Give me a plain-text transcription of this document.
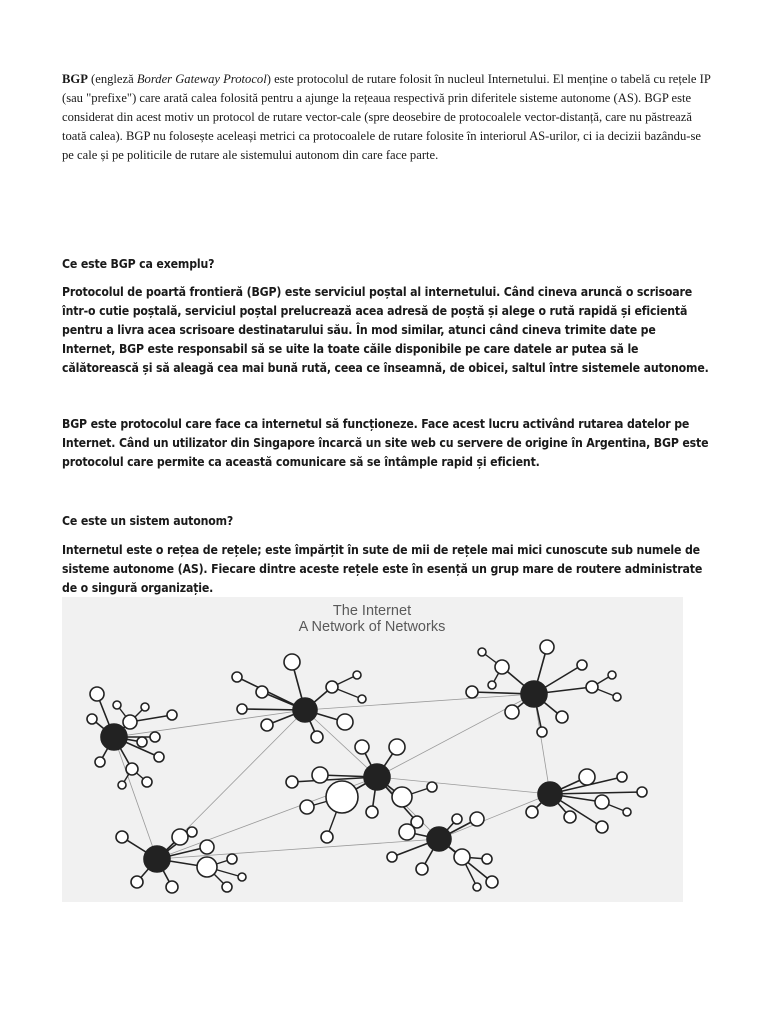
BGP (engleză Border Gateway Protocol) este protocolul de rutare folosit în nucleul Internetului. El menține o tabelă cu rețele IP (sau "prefixe") care arată calea folosită pentru a ajunge la rețeaua respectivă prin diferitele sisteme autonome (AS). BGP este considerat din acest motiv un protocol de rutare vector-cale (spre deosebire de protocoalele vector-distanță, care nu păstrează toată calea). BGP nu folosește aceleași metrici ca protocoalele de rutare folosite în interiorul AS-urilor, ci ia decizii bazându-se pe cale și pe politicile de rutare ale sistemului autonom din care face parte.

Ce este BGP ca exemplu?

Protocolul de poartă frontieră (BGP) este serviciul poștal al internetului. Când cineva aruncă o scrisoare într-o cutie poștală, serviciul poștal prelucrează acea adresă de poștă și alege o rută rapidă și eficientă pentru a livra acea scrisoare destinatarului său. În mod similar, atunci când cineva trimite date pe Internet, BGP este responsabil să se uite la toate căile disponibile pe care datele ar putea să le călătorească și să aleagă cea mai bună rută, ceea ce înseamnă, de obicei, saltul între sistemele autonome.

BGP este protocolul care face ca internetul să funcționeze. Face acest lucru activând rutarea datelor pe Internet. Când un utilizator din Singapore încarcă un site web cu servere de origine în Argentina, BGP este protocolul care permite ca această comunicare să se întâmple rapid și eficient.

Ce este un sistem autonom?

Internetul este o rețea de rețele; este împărțit în sute de mii de rețele mai mici cunoscute sub numele de sisteme autonome (AS). Fiecare dintre aceste rețele este în esență un grup mare de routere administrate de o singură organizație.

The Internet
A Network of Networks
